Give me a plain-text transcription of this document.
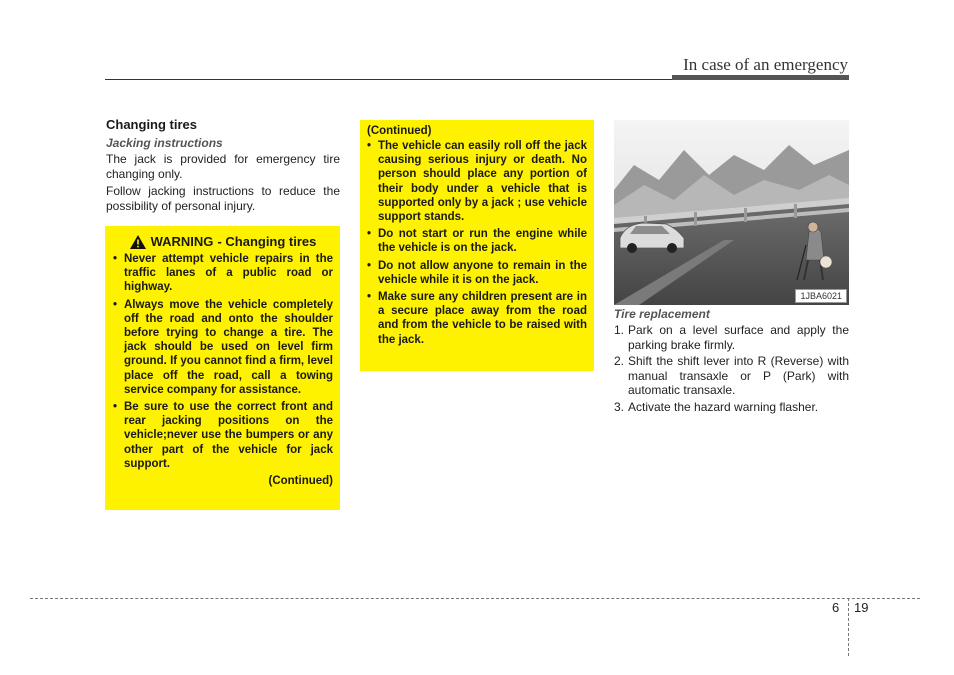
In case of an emergency
Changing tires
Jacking instructions

The jack is provided for emergency tire changing only.

Follow jacking instructions to reduce the possibility of personal injury.

WARNING - Changing tires
• Never attempt vehicle repairs in the traffic lanes of a public road or highway.
• Always move the vehicle completely off the road and onto the shoulder before trying to change a tire. The jack should be used on level firm ground. If you cannot find a firm, level place off the road, call a towing service company for assistance.
• Be sure to use the correct front and rear jacking positions on the vehicle;never use the bumpers or any other part of the vehicle for jack support.
(Continued)
(Continued)
• The vehicle can easily roll off the jack causing serious injury or death. No person should place any portion of their body under a vehicle that is supported only by a jack ; use vehicle support stands.
• Do not start or run the engine while the vehicle is on the jack.
• Do not allow anyone to remain in the vehicle while it is on the jack.
• Make sure any children present are in a secure place away from the road and from the vehicle to be raised with the jack.
1JBA6021
Tire replacement
1. Park on a level surface and apply the parking brake firmly.
2. Shift the shift lever into R (Reverse) with manual transaxle or P (Park) with automatic transaxle.
3. Activate the hazard warning flasher.
6 19
